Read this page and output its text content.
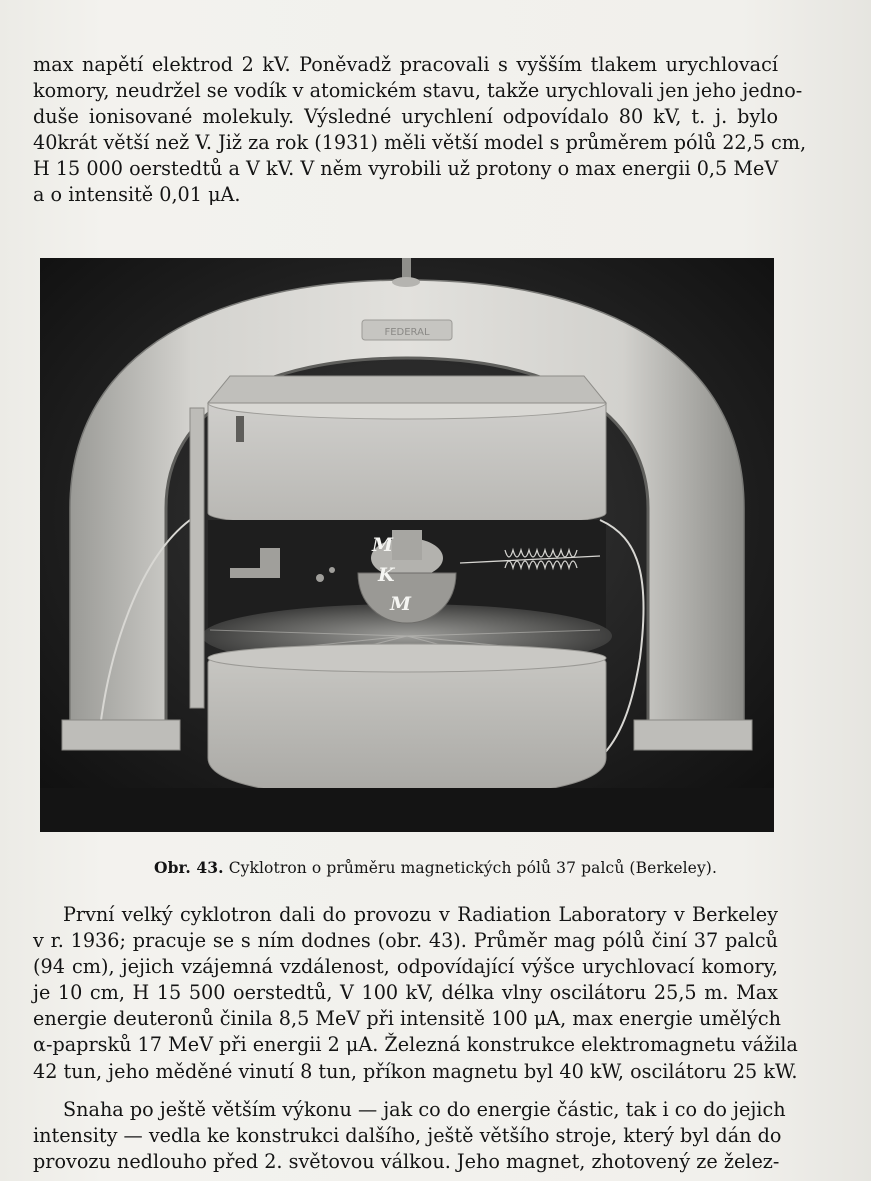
max napětí elektrod 2 kV. Poněvadž pracovali s vyšším tlakem urychlovací
komory, neudržel se vodík v atomickém stavu, takže urychlovali jen jeho jedno-
duše ionisované molekuly. Výsledné urychlení odpovídalo 80 kV, t. j. bylo
40krát větší než V. Již za rok (1931) měli větší model s průměrem pólů 22,5 cm,
H 15 000 oerstedtů a V kV. V něm vyrobili už protony o max energii 0,5 MeV
a o intensitě 0,01 μA.

FEDERAL
M
K
M
Obr. 43. Cyklotron o průměru magnetických pólů 37 palců (Berkeley).

První velký cyklotron dali do provozu v Radiation Laboratory v Berkeley
v r. 1936; pracuje se s ním dodnes (obr. 43). Průměr mag pólů činí 37 palců
(94 cm), jejich vzájemná vzdálenost, odpovídající výšce urychlovací komory,
je 10 cm, H 15 500 oerstedtů, V 100 kV, délka vlny oscilátoru 25,5 m. Max
energie deuteronů činila 8,5 MeV při intensitě 100 μA, max energie umělých
α-paprsků 17 MeV při energii 2 μA. Železná konstrukce elektromagnetu vážila
42 tun, jeho měděné vinutí 8 tun, příkon magnetu byl 40 kW, oscilátoru 25 kW.

Snaha po ještě větším výkonu — jak co do energie částic, tak i co do jejich
intensity — vedla ke konstrukci dalšího, ještě většího stroje, který byl dán do
provozu nedlouho před 2. světovou válkou. Jeho magnet, zhotovený ze želez-
